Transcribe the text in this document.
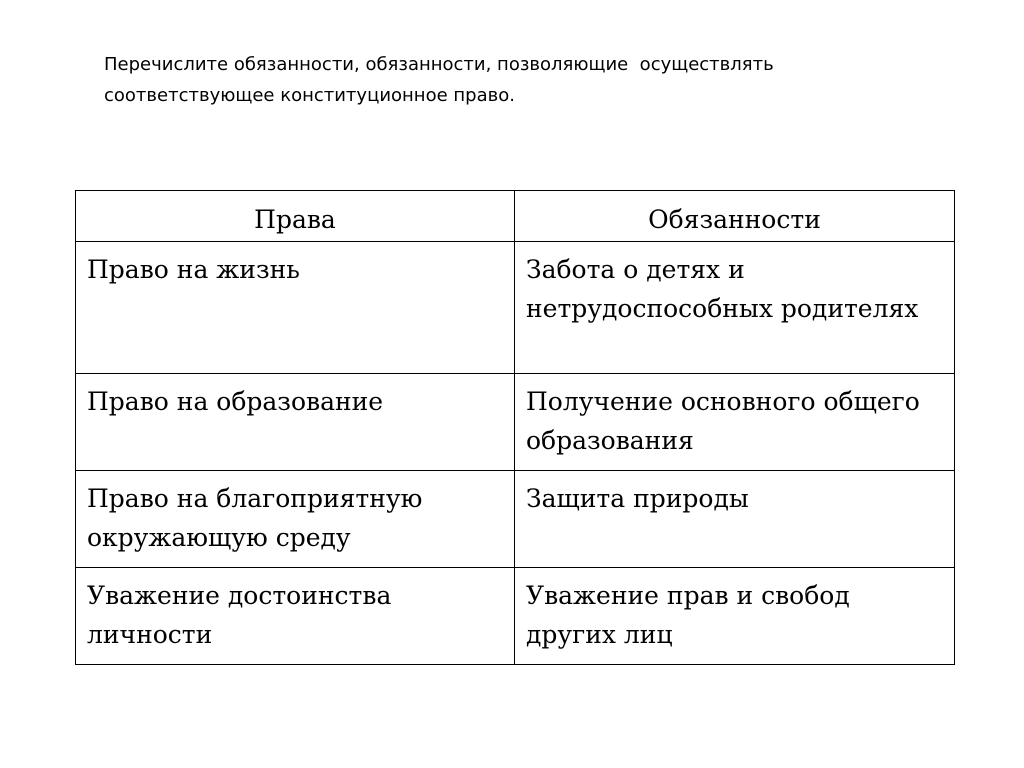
Перечислите обязанности, обязанности, позволяющие  осуществлять
соответствующее конституционное право.
Права	Обязанности
Право на жизнь	Забота о детях и нетрудоспособных родителях
Право на образование	Получение основного общего образования
Право на благоприятную окружающую среду	Защита природы
Уважение достоинства личности	Уважение прав и свобод других лиц
